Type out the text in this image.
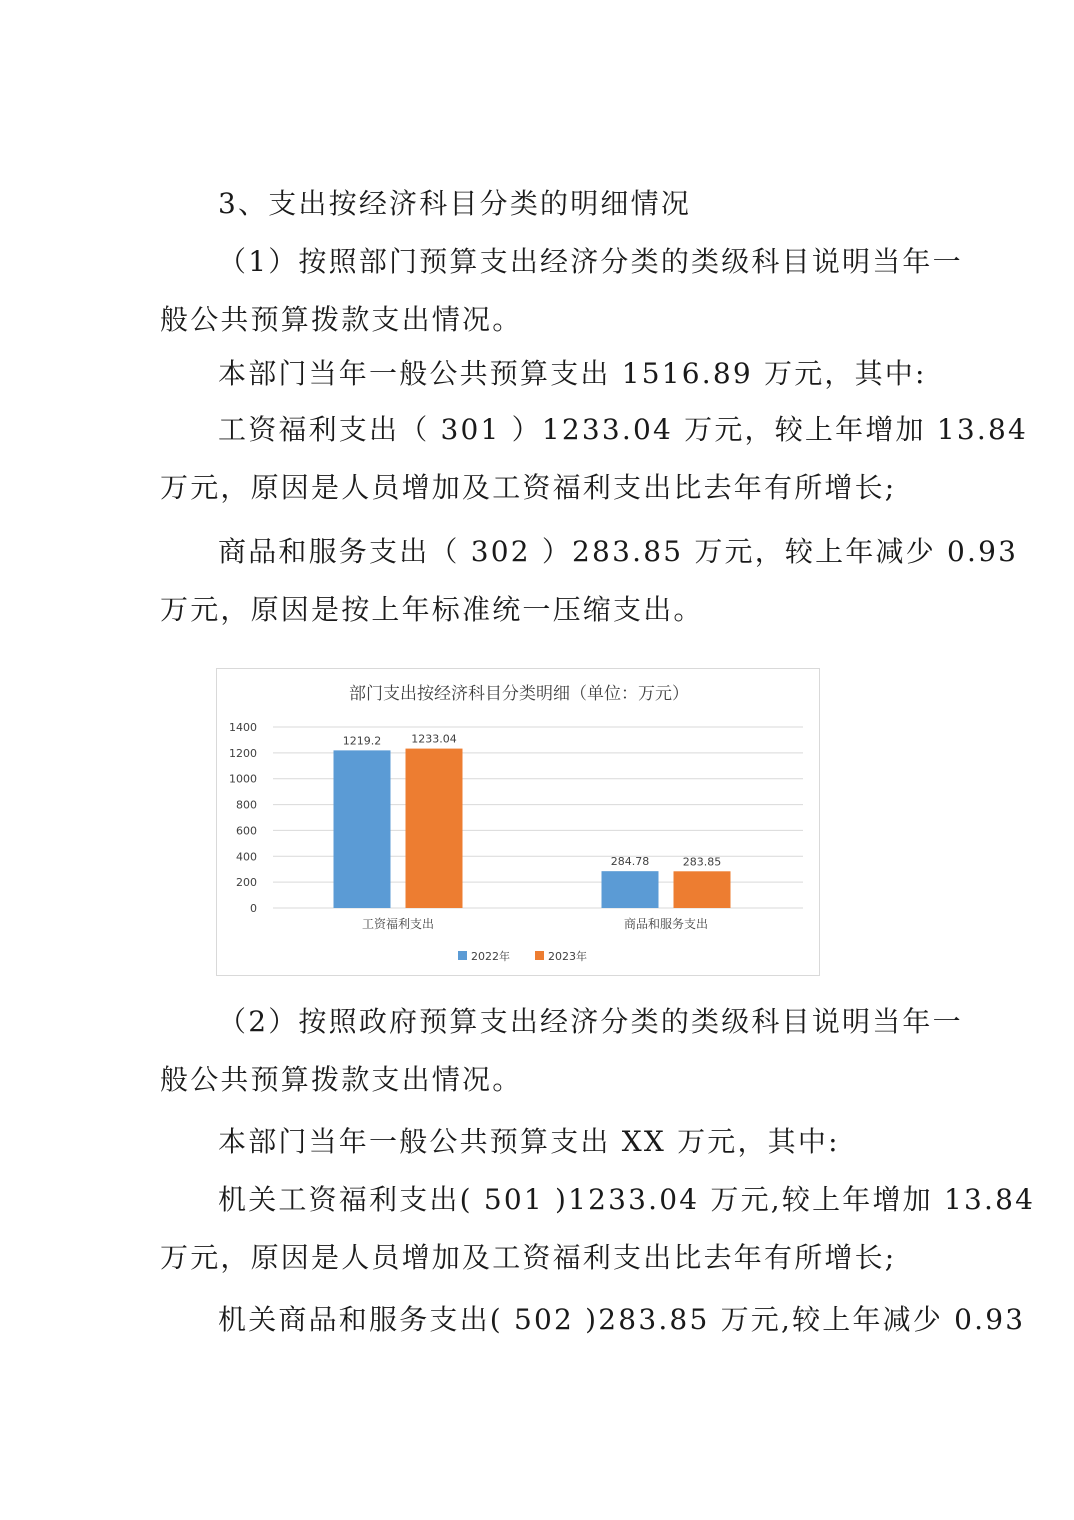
3、支出按经济科目分类的明细情况
（1）按照部门预算支出经济分类的类级科目说明当年一
般公共预算拨款支出情况。
本部门当年一般公共预算支出 1516.89 万元，其中:
工资福利支出（ 301 ）1233.04 万元，较上年增加 13.84
万元，原因是人员增加及工资福利支出比去年有所增长;
商品和服务支出（ 302 ）283.85 万元，较上年减少 0.93
万元，原因是按上年标准统一压缩支出。
部门支出按经济科目分类明细（单位：万元）
0
200
400
600
800
1000
1200
1400
1219.2	1233.04
工资福利支出
284.78	283.85
商品和服务支出
2022年	2023年
（2）按照政府预算支出经济分类的类级科目说明当年一
般公共预算拨款支出情况。
本部门当年一般公共预算支出 XX 万元，其中:
机关工资福利支出( 501 )1233.04 万元,较上年增加 13.84
万元，原因是人员增加及工资福利支出比去年有所增长;
机关商品和服务支出( 502 )283.85 万元,较上年减少 0.93
